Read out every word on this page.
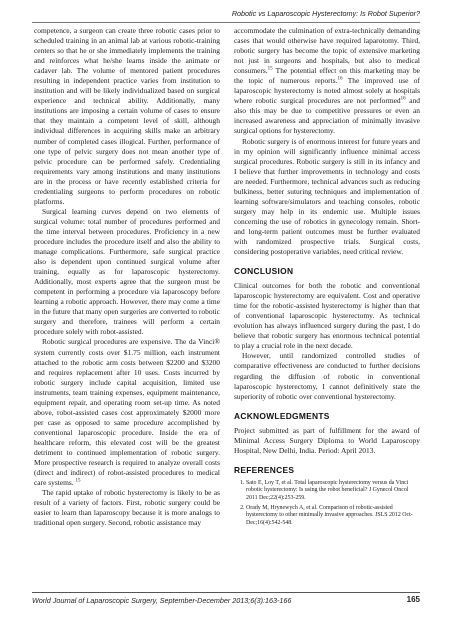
Robotic vs Laparoscopic Hysterectomy: Is Robot Superior?

competence, a surgeon can create three robotic cases prior to scheduled training in an animal lab at various robotic-training centers so that he or she immediately implements the training and reinforces what he/she learns inside the animate or cadaver lab. The volume of mentored patient procedures resulting in independent practice varies from institution to institution and will be likely individualized based on surgical experience and technical ability. Additionally, many institutions are imposing a certain volume of cases to ensure that they maintain a competent level of skill, although individual differences in acquiring skills make an arbitrary number of completed cases illogical. Further, performance of one type of pelvic surgery does not mean another type of pelvic procedure can be performed safely. Credentialing requirements vary among institutions and many institutions are in the process or have recently established criteria for credentialing surgeons to perform procedures on robotic platforms.

Surgical learning curves depend on two elements of surgical volume: total number of procedures performed and the time interval between procedures. Proficiency in a new procedure includes the procedure itself and also the ability to manage complications. Furthermore, safe surgical practice also is dependent upon continued surgical volume after training, equally as for laparoscopic hysterectomy. Additionally, most experts agree that the surgeon must be competent in performing a procedure via laparoscopy before learning a robotic approach. However, there may come a time in the future that many open surgeries are converted to robotic surgery and therefore, trainees will perform a certain procedure solely with robot-assisted.

Robotic surgical procedures are expensive. The da Vinci® system currently costs over $1.75 million, each instrument attached to the robotic arm costs between $2200 and $3200 and requires replacement after 10 uses. Costs incurred by robotic surgery include capital acquisition, limited use instruments, team training expenses, equipment maintenance, equipment repair, and operating room set-up time. As noted above, robot-assisted cases cost approximately $2000 more per case as opposed to same procedure accomplished by conventional laparoscopic procedure. Inside the era of healthcare reform, this elevated cost will be the greatest detriment to continued implementation of robotic surgery. More prospective research is required to analyze overall costs (direct and indirect) of robot-assisted procedures to medical care systems. $^{15}$

The rapid uptake of robotic hysterectomy is likely to be as result of a variety of factors. First, robotic surgery could be easier to learn than laparoscopy because it is more analogs to traditional open surgery. Second, robotic assistance may

accommodate the culmination of extra-technically demanding cases that would otherwise have required laparotomy. Third, robotic surgery has become the topic of extensive marketing not just in surgeons and hospitals, but also to medical consumers.$^{15}$ The potential effect on this marketing may be the topic of numerous reports.$^{16}$ The improved use of laparoscopic hysterectomy is noted almost solely at hospitals where robotic surgical procedures are not performed$^{16}$ and also this may be due to competitive pressures or even an increased awareness and appreciation of minimally invasive surgical options for hysterectomy.

Robotic surgery is of enormous interest for future years and in my opinion will significantly influence minimal access surgical procedures. Robotic surgery is still in its infancy and I believe that further improvements in technology and costs are needed. Furthermore, technical advances such as reducing bulkiness, better suturing techniques and implementation of learning software/simulators and teaching consoles, robotic surgery may help in its endemic use. Multiple issues concerning the use of robotics in gynecology remain. Short-and long-term patient outcomes must be further evaluated with randomized prospective trials. Surgical costs, considering postoperative variables, need critical review.

CONCLUSION

Clinical outcomes for both the robotic and conventional laparoscopic hysterectomy are equivalent. Cost and operative time for the robotic-assisted hysterectomy is higher than that of conventional laparoscopic hysterectomy. As technical evolution has always influenced surgery during the past, I do believe that robotic surgery has enormous technical potential to play a crucial role in the next decade.

However, until randomized controlled studies of comparative effectiveness are conducted to further decisions regarding the diffusion of robotic in conventional laparoscopic hysterectomy, I cannot definitively state the superiority of robotic over conventional hysterectomy.

ACKNOWLEDGMENTS

Project submitted as part of fulfillment for the award of Minimal Access Surgery Diploma to World Laparoscopy Hospital, New Delhi, India. Period: April 2013.

REFERENCES
1. Sato E, Loy T, et al. Total laparoscopic hysterectomy versus da Vinci robotic hysterectomy: Is using the robot beneficial? J Gynecol Oncol 2011 Dec;22(4):253-259.
2. Orady M, Hrynewych A, et al. Comparison of robotic-assisted hysterectomy to other minimally invasive approaches. JSLS 2012 Oct-Dec;16(4):542-548.
World Journal of Laparoscopic Surgery, September-December 2013;6(3):163-166	165
